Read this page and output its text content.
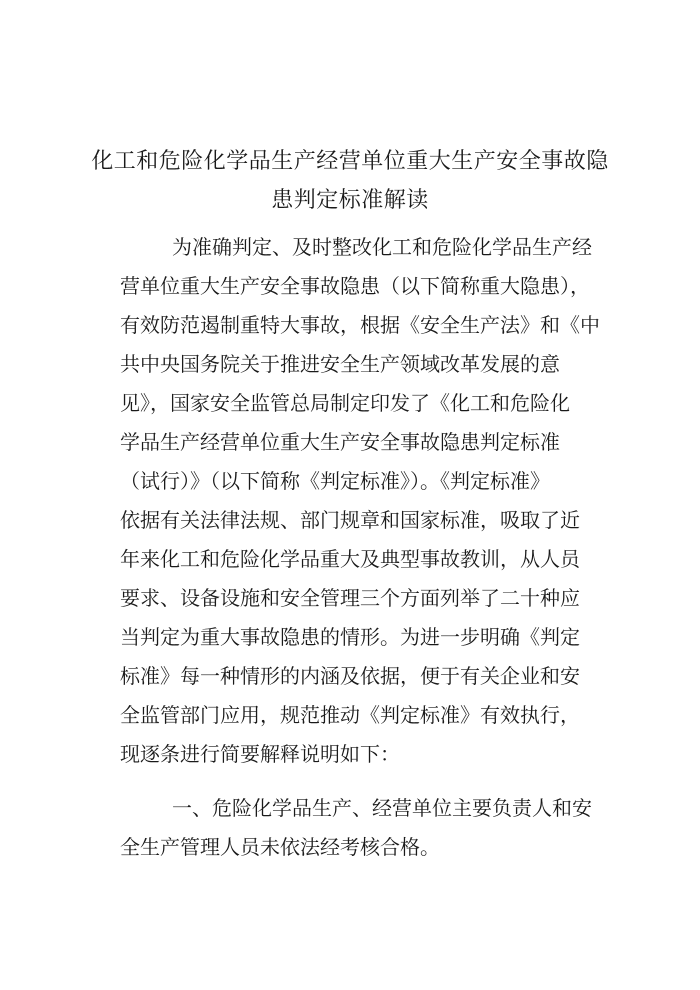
化工和危险化学品生产经营单位重大生产安全事故隐
患判定标准解读
为准确判定、及时整改化工和危险化学品生产经
营单位重大生产安全事故隐患（以下简称重大隐患），
有效防范遏制重特大事故，根据《安全生产法》和《中
共中央国务院关于推进安全生产领域改革发展的意
见》，国家安全监管总局制定印发了《化工和危险化
学品生产经营单位重大生产安全事故隐患判定标准
（试行）》（以下简称《判定标准》）。《判定标准》
依据有关法律法规、部门规章和国家标准，吸取了近
年来化工和危险化学品重大及典型事故教训，从人员
要求、设备设施和安全管理三个方面列举了二十种应
当判定为重大事故隐患的情形。为进一步明确《判定
标准》每一种情形的内涵及依据，便于有关企业和安
全监管部门应用，规范推动《判定标准》有效执行，
现逐条进行简要解释说明如下：
一、危险化学品生产、经营单位主要负责人和安
全生产管理人员未依法经考核合格。
